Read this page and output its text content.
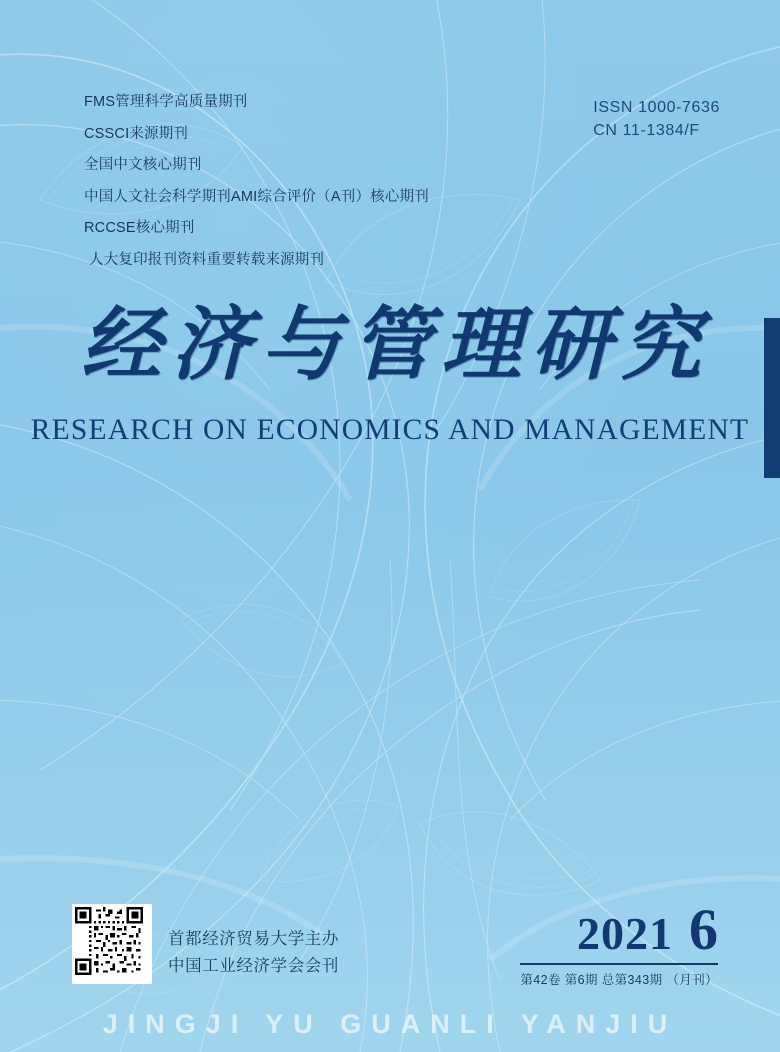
FMS管理科学高质量期刊
CSSCI来源期刊
全国中文核心期刊
中国人文社会科学期刊AMI综合评价（A刊）核心期刊
RCCSE核心期刊
人大复印报刊资料重要转载来源期刊
ISSN 1000-7636
CN 11-1384/F
经济与管理研究
RESEARCH ON ECONOMICS AND MANAGEMENT
首都经济贸易大学主办
中国工业经济学会会刊
2021 6
第42卷 第6期 总第343期 （月刊）
JINGJI YU GUANLI YANJIU
